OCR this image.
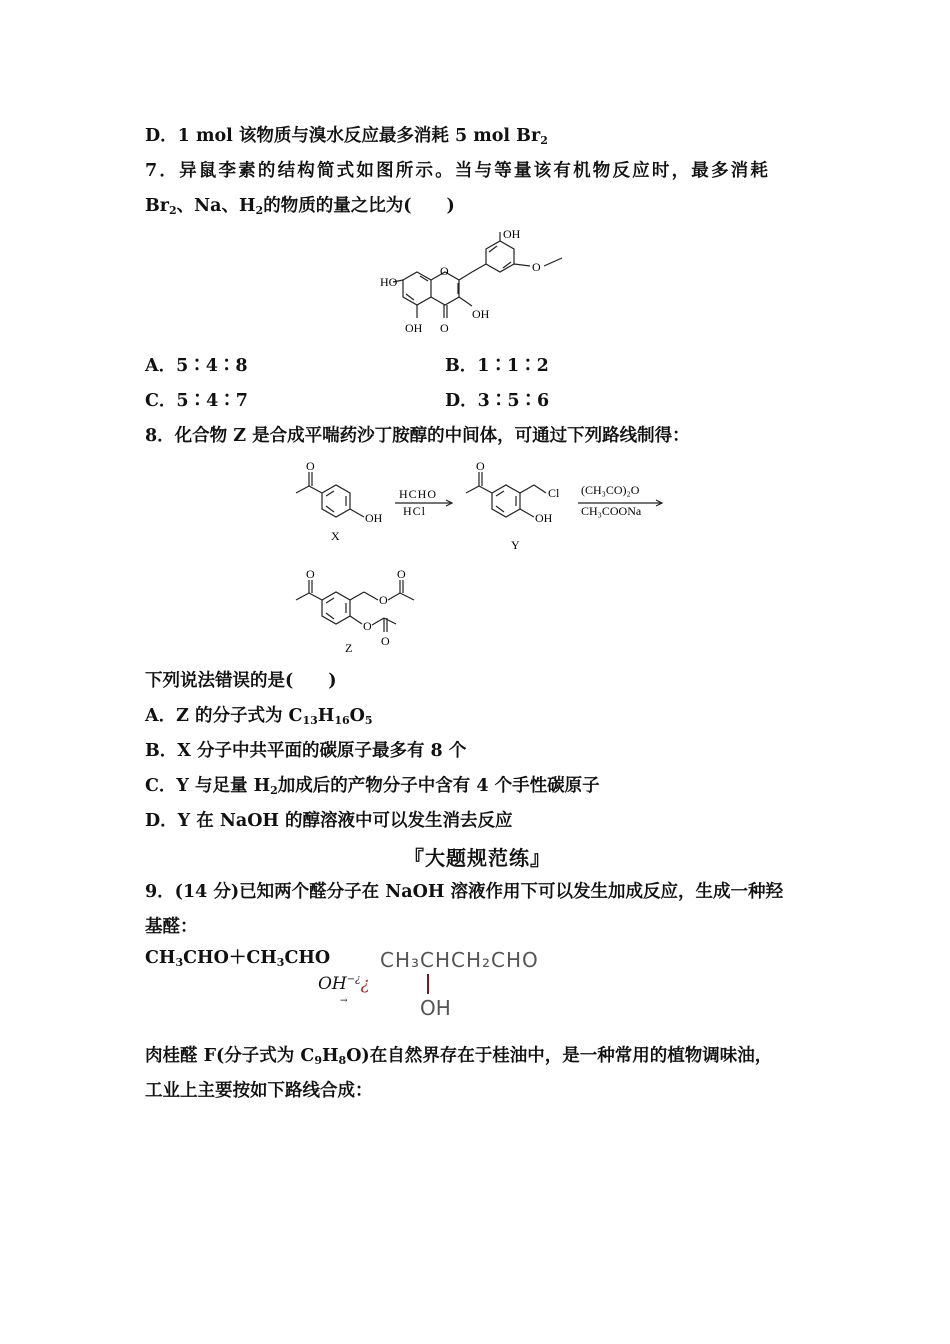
D．1 mol 该物质与溴水反应最多消耗 5 mol $Br_2$
7．异鼠李素的结构简式如图所示。当与等量该有机物反应时，最多消耗
$Br_2$、Na、$H_2$的物质的量之比为(　　)
OH
O
HO
O
OH
OH O
A．5∶4∶8	B．1∶1∶2
C．5∶4∶7	D．3∶5∶6
8．化合物 Z 是合成平喘药沙丁胺醇的中间体，可通过下列路线制得：
O
OH
X
HCHO
HCl
O
Cl
OH
Y
(CH₃CO)₂O
CH₃COONa
O
O
O
O
O
Z
下列说法错误的是(　　)
A．Z 的分子式为 $C_{13}H_{16}O_5$
B．X 分子中共平面的碳原子最多有 8 个
C．Y 与足量 $H_2$加成后的产物分子中含有 4 个手性碳原子
D．Y 在 NaOH 的醇溶液中可以发生消去反应
『大题规范练』
9．(14 分)已知两个醛分子在 NaOH 溶液作用下可以发生加成反应，生成一种羟
基醛：
$CH_3CHO+CH_3CHO$
OH−¿¿
→
CH₃CHCH₂CHO
OH
肉桂醛 F(分子式为 $C_9H_8O$)在自然界存在于桂油中，是一种常用的植物调味油，
工业上主要按如下路线合成：
